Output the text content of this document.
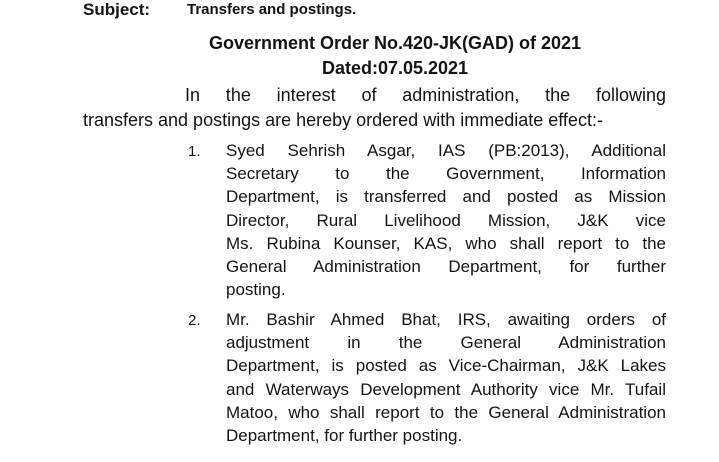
Subject: Transfers and postings.
Government Order No.420-JK(GAD) of 2021
Dated:07.05.2021
In the interest of administration, the following
transfers and postings are hereby ordered with immediate effect:-
1. Syed Sehrish Asgar, IAS (PB:2013), Additional
Secretary to the Government, Information
Department, is transferred and posted as Mission
Director, Rural Livelihood Mission, J&K vice
Ms. Rubina Kounser, KAS, who shall report to the
General Administration Department, for further
posting.
2. Mr. Bashir Ahmed Bhat, IRS, awaiting orders of
adjustment in the General Administration
Department, is posted as Vice-Chairman, J&K Lakes
and Waterways Development Authority vice Mr. Tufail
Matoo, who shall report to the General Administration
Department, for further posting.
